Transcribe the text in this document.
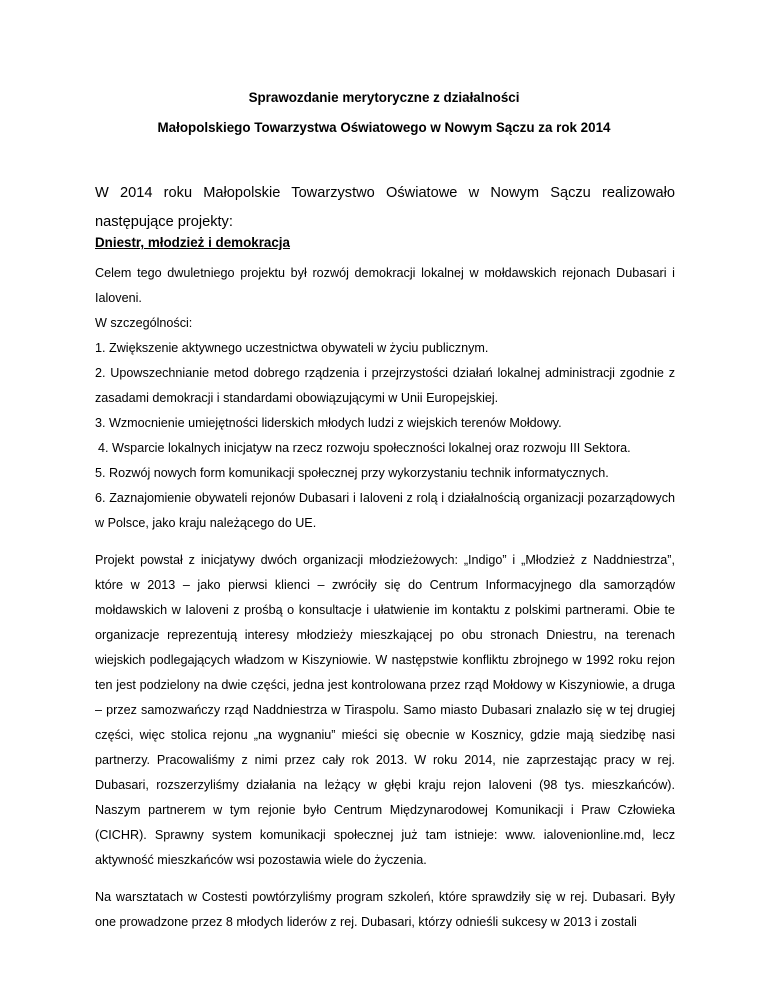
Sprawozdanie merytoryczne z działalności
Małopolskiego Towarzystwa Oświatowego w Nowym Sączu za rok 2014
W 2014 roku Małopolskie Towarzystwo Oświatowe w Nowym Sączu realizowało następujące projekty:
Dniestr, młodzież i demokracja

Celem tego dwuletniego projektu był rozwój demokracji lokalnej w mołdawskich rejonach Dubasari i Ialoveni.

W szczególności:

1. Zwiększenie aktywnego uczestnictwa obywateli w życiu publicznym.

2. Upowszechnianie metod dobrego rządzenia i przejrzystości działań lokalnej administracji zgodnie z zasadami demokracji i standardami obowiązującymi w Unii Europejskiej.

3. Wzmocnienie umiejętności liderskich młodych ludzi z wiejskich terenów Mołdowy.

4. Wsparcie lokalnych inicjatyw na rzecz rozwoju społeczności lokalnej oraz rozwoju III Sektora.

5. Rozwój nowych form komunikacji społecznej przy wykorzystaniu technik informatycznych.

6. Zaznajomienie obywateli rejonów Dubasari i Ialoveni z rolą i działalnością organizacji pozarządowych w Polsce, jako kraju należącego do UE.

Projekt powstał z inicjatywy dwóch organizacji młodzieżowych: „Indigo” i „Młodzież z Naddniestrza”, które w 2013 – jako pierwsi klienci – zwróciły się do Centrum Informacyjnego dla samorządów mołdawskich w Ialoveni z prośbą o konsultacje i ułatwienie im kontaktu z polskimi partnerami. Obie te organizacje reprezentują interesy młodzieży mieszkającej po obu stronach Dniestru, na terenach wiejskich podlegających władzom w Kiszyniowie. W następstwie konfliktu zbrojnego w 1992 roku rejon ten jest podzielony na dwie części, jedna jest kontrolowana przez rząd Mołdowy w Kiszyniowie, a druga – przez samozwańczy rząd Naddniestrza w Tiraspolu. Samo miasto Dubasari znalazło się w tej drugiej części, więc stolica rejonu „na wygnaniu” mieści się obecnie w Kosznicy, gdzie mają siedzibę nasi partnerzy. Pracowaliśmy z nimi przez cały rok 2013. W roku 2014, nie zaprzestając pracy w rej. Dubasari, rozszerzyliśmy działania na leżący w głębi kraju rejon Ialoveni (98 tys. mieszkańców). Naszym partnerem w tym rejonie było Centrum Międzynarodowej Komunikacji i Praw Człowieka (CICHR). Sprawny system komunikacji społecznej już tam istnieje: www. ialovenionline.md, lecz aktywność mieszkańców wsi pozostawia wiele do życzenia.

Na warsztatach w Costesti powtórzyliśmy program szkoleń, które sprawdziły się w rej. Dubasari. Były one prowadzone przez 8 młodych liderów z rej. Dubasari, którzy odnieśli sukcesy w 2013 i zostali
